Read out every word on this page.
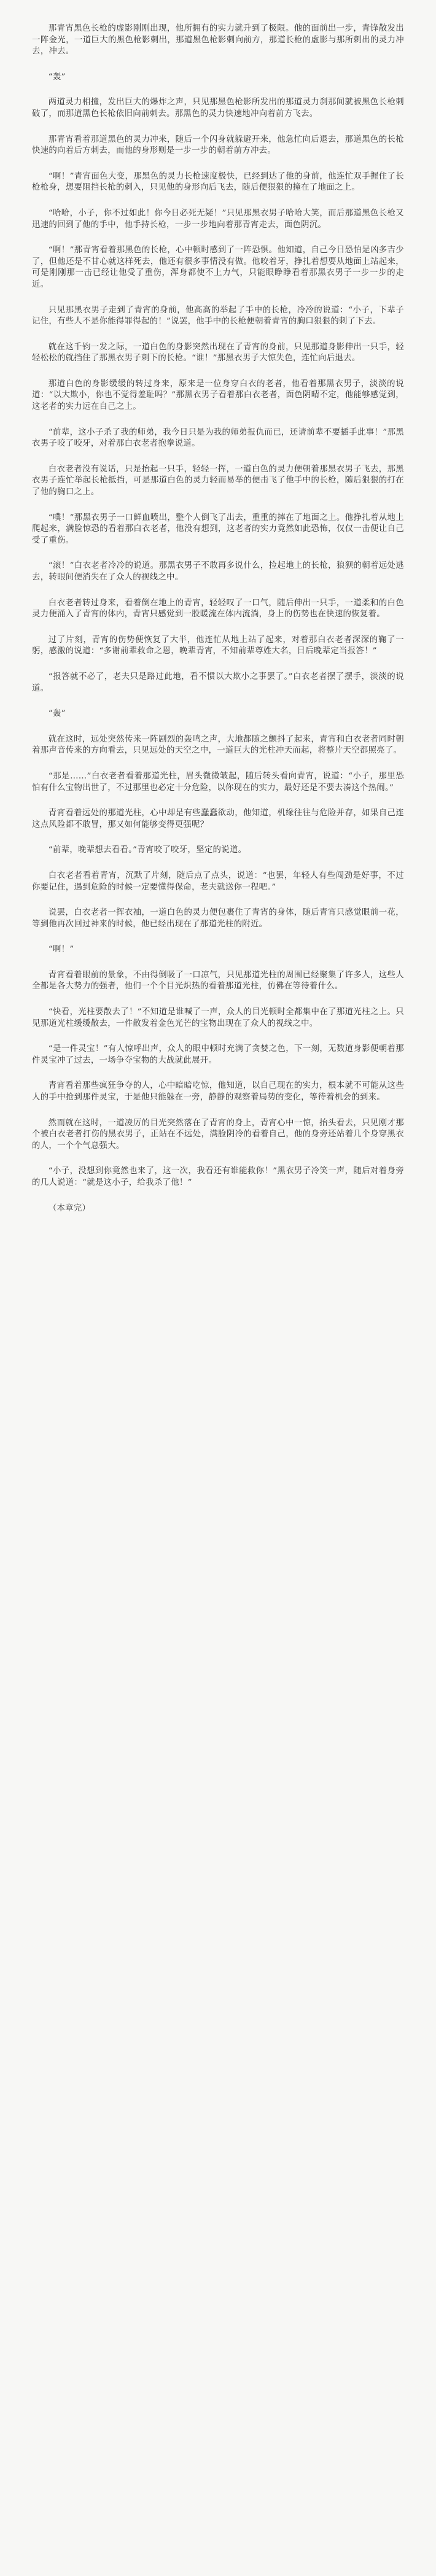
那青宵黑色长枪的虚影刚刚出现，他所拥有的实力就升到了极限。他的面前出一步，青锋散发出一阵金光，一道巨大的黑色枪影刺出，那道黑色枪影刺向前方，那道长枪的虚影与那所刺出的灵力冲去，冲去。

“轰”

两道灵力相撞，发出巨大的爆炸之声，只见那黑色枪影所发出的那道灵力刹那间就被黑色长枪刺破了，而那道黑色长枪依旧向前刺去。那黑色的灵力快速地冲向着前方飞去。

那青宵看着那道黑色的灵力冲来，随后一个闪身就躲避开来，他急忙向后退去，那道黑色的长枪快速的向着后方刺去，而他的身形则是一步一步的朝着前方冲去。

“啊！”青宵面色大变，那黑色的灵力长枪速度极快，已经到达了他的身前，他连忙双手握住了长枪枪身，想要阻挡长枪的刺入，只见他的身形向后飞去，随后便狠狠的撞在了地面之上。

“哈哈，小子，你不过如此！你今日必死无疑！”只见那黑衣男子哈哈大笑，而后那道黑色长枪又迅速的回到了他的手中，他手持长枪，一步一步地向着那青宵走去，面色阴沉。

“啊！”那青宵看着那黑色的长枪，心中顿时感到了一阵恐惧。他知道，自己今日恐怕是凶多吉少了，但他还是不甘心就这样死去，他还有很多事情没有做。他咬着牙，挣扎着想要从地面上站起来，可是刚刚那一击已经让他受了重伤，浑身都使不上力气，只能眼睁睁看着那黑衣男子一步一步的走近。

只见那黑衣男子走到了青宵的身前，他高高的举起了手中的长枪，冷冷的说道：“小子，下辈子记住，有些人不是你能得罪得起的！”说罢，他手中的长枪便朝着青宵的胸口狠狠的刺了下去。

就在这千钧一发之际，一道白色的身影突然出现在了青宵的身前，只见那道身影伸出一只手，轻轻松松的就挡住了那黑衣男子刺下的长枪。“谁！”那黑衣男子大惊失色，连忙向后退去。

那道白色的身影缓缓的转过身来，原来是一位身穿白衣的老者，他看着那黑衣男子，淡淡的说道：“以大欺小，你也不觉得羞耻吗？”那黑衣男子看着那白衣老者，面色阴晴不定，他能够感觉到，这老者的实力远在自己之上。

“前辈，这小子杀了我的师弟，我今日只是为我的师弟报仇而已，还请前辈不要插手此事！”那黑衣男子咬了咬牙，对着那白衣老者抱拳说道。

白衣老者没有说话，只是抬起一只手，轻轻一挥，一道白色的灵力便朝着那黑衣男子飞去，那黑衣男子连忙举起长枪抵挡，可是那道白色的灵力轻而易举的便击飞了他手中的长枪，随后狠狠的打在了他的胸口之上。

“噗！”那黑衣男子一口鲜血喷出，整个人倒飞了出去，重重的摔在了地面之上。他挣扎着从地上爬起来，满脸惊恐的看着那白衣老者，他没有想到，这老者的实力竟然如此恐怖，仅仅一击便让自己受了重伤。

“滚！”白衣老者冷冷的说道。那黑衣男子不敢再多说什么，捡起地上的长枪，狼狈的朝着远处逃去，转眼间便消失在了众人的视线之中。

白衣老者转过身来，看着倒在地上的青宵，轻轻叹了一口气，随后伸出一只手，一道柔和的白色灵力便涌入了青宵的体内，青宵只感觉到一股暖流在体内流淌，身上的伤势也在快速的恢复着。

过了片刻，青宵的伤势便恢复了大半，他连忙从地上站了起来，对着那白衣老者深深的鞠了一躬，感激的说道：“多谢前辈救命之恩，晚辈青宵，不知前辈尊姓大名，日后晚辈定当报答！”

“报答就不必了，老夫只是路过此地，看不惯以大欺小之事罢了。”白衣老者摆了摆手，淡淡的说道。

“轰”

就在这时，远处突然传来一阵剧烈的轰鸣之声，大地都随之颤抖了起来，青宵和白衣老者同时朝着那声音传来的方向看去，只见远处的天空之中，一道巨大的光柱冲天而起，将整片天空都照亮了。

“那是……”白衣老者看着那道光柱，眉头微微皱起，随后转头看向青宵，说道：“小子，那里恐怕有什么宝物出世了，不过那里也必定十分危险，以你现在的实力，最好还是不要去凑这个热闹。”

青宵看着远处的那道光柱，心中却是有些蠢蠢欲动，他知道，机缘往往与危险并存，如果自己连这点风险都不敢冒，那又如何能够变得更强呢？

“前辈，晚辈想去看看。”青宵咬了咬牙，坚定的说道。

白衣老者看着青宵，沉默了片刻，随后点了点头，说道：“也罢，年轻人有些闯劲是好事，不过你要记住，遇到危险的时候一定要懂得保命，老夫就送你一程吧。”

说罢，白衣老者一挥衣袖，一道白色的灵力便包裹住了青宵的身体，随后青宵只感觉眼前一花，等到他再次回过神来的时候，他已经出现在了那道光柱的附近。

“啊！”

青宵看着眼前的景象，不由得倒吸了一口凉气，只见那道光柱的周围已经聚集了许多人，这些人全都是各大势力的强者，他们一个个目光炽热的看着那道光柱，仿佛在等待着什么。

“快看，光柱要散去了！”不知道是谁喊了一声，众人的目光顿时全都集中在了那道光柱之上。只见那道光柱缓缓散去，一件散发着金色光芒的宝物出现在了众人的视线之中。

“是一件灵宝！”有人惊呼出声，众人的眼中顿时充满了贪婪之色，下一刻，无数道身影便朝着那件灵宝冲了过去，一场争夺宝物的大战就此展开。

青宵看着那些疯狂争夺的人，心中暗暗吃惊，他知道，以自己现在的实力，根本就不可能从这些人的手中抢到那件灵宝，于是他只能躲在一旁，静静的观察着局势的变化，等待着机会的到来。

然而就在这时，一道凌厉的目光突然落在了青宵的身上，青宵心中一惊，抬头看去，只见刚才那个被白衣老者打伤的黑衣男子，正站在不远处，满脸阴冷的看着自己，他的身旁还站着几个身穿黑衣的人，一个个气息强大。

“小子，没想到你竟然也来了，这一次，我看还有谁能救你！”黑衣男子冷笑一声，随后对着身旁的几人说道：“就是这小子，给我杀了他！”

（本章完）
